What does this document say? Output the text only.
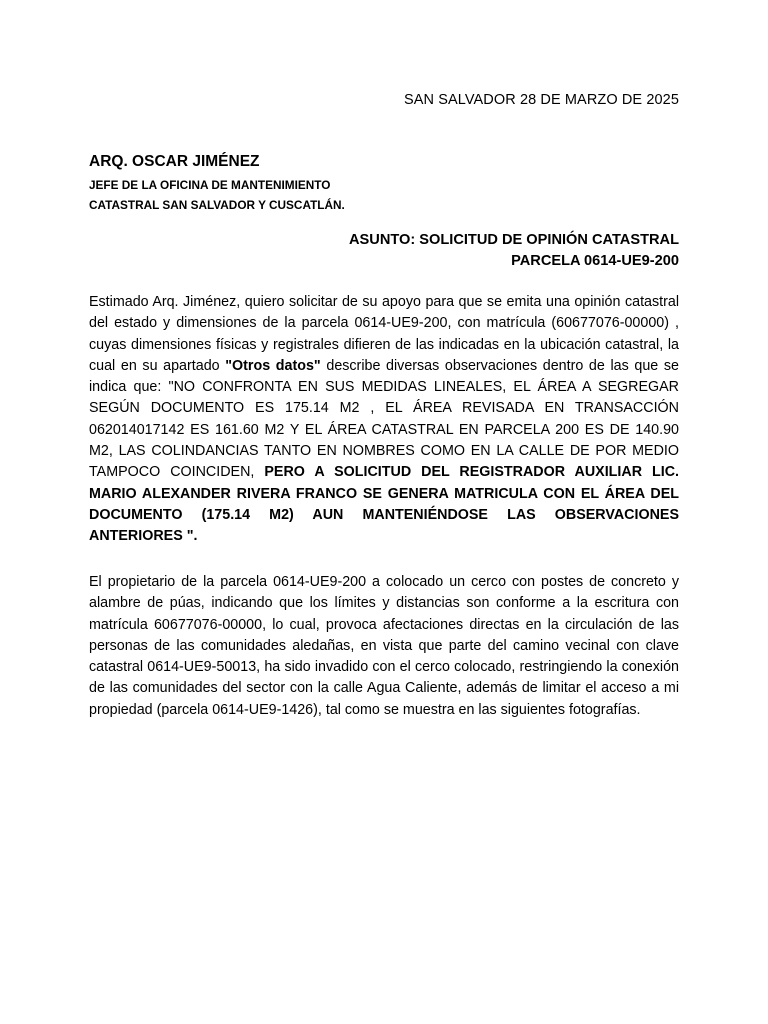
SAN SALVADOR 28 DE MARZO DE 2025

ARQ. OSCAR JIMÉNEZ

JEFE DE LA OFICINA DE MANTENIMIENTO

CATASTRAL SAN SALVADOR Y CUSCATLÁN.

ASUNTO: SOLICITUD DE OPINIÓN CATASTRAL
PARCELA 0614-UE9-200

Estimado Arq. Jiménez, quiero solicitar de su apoyo para que se emita una opinión catastral del estado y dimensiones de la parcela 0614-UE9-200, con matrícula (60677076-00000) , cuyas dimensiones físicas y registrales difieren de las indicadas en la ubicación catastral, la cual en su apartado "Otros datos" describe diversas observaciones dentro de las que se indica que: "NO CONFRONTA EN SUS MEDIDAS LINEALES, EL ÁREA A SEGREGAR SEGÚN DOCUMENTO ES 175.14 M2 , EL ÁREA REVISADA EN TRANSACCIÓN 062014017142 ES 161.60 M2 Y EL ÁREA CATASTRAL EN PARCELA 200 ES DE 140.90 M2, LAS COLINDANCIAS TANTO EN NOMBRES COMO EN LA CALLE DE POR MEDIO TAMPOCO COINCIDEN, PERO A SOLICITUD DEL REGISTRADOR AUXILIAR LIC. MARIO ALEXANDER RIVERA FRANCO SE GENERA MATRICULA CON EL ÁREA DEL DOCUMENTO (175.14 M2) AUN MANTENIÉNDOSE LAS OBSERVACIONES ANTERIORES ".

El propietario de la parcela 0614-UE9-200 a colocado un cerco con postes de concreto y alambre de púas, indicando que los límites y distancias son conforme a la escritura con matrícula 60677076-00000, lo cual, provoca afectaciones directas en la circulación de las personas de las comunidades aledañas, en vista que parte del camino vecinal con clave catastral 0614-UE9-50013, ha sido invadido con el cerco colocado, restringiendo la conexión de las comunidades del sector con la calle Agua Caliente, además de limitar el acceso a mi propiedad (parcela 0614-UE9-1426), tal como se muestra en las siguientes fotografías.
